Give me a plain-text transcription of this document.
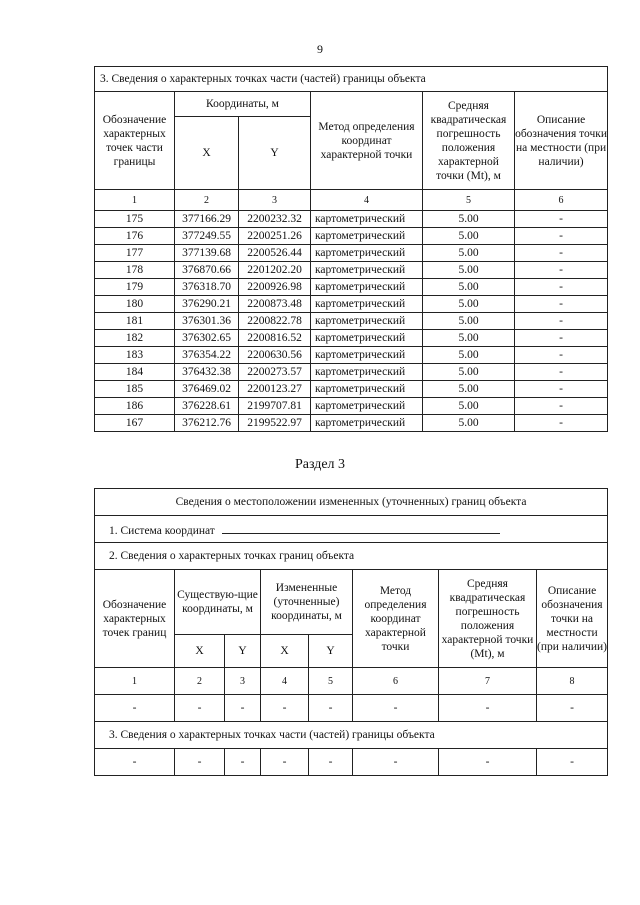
9
3. Сведения о характерных точках части (частей) границы объекта					
Обозначение характерных точек части границы	Координаты, м		Метод определения координат характерной точки	Средняя квадратическая погрешность положения характерной точки (Mt), м	Описание обозначения точки на местности (при наличии)
	X	Y			
1	2	3	4	5	6
175	377166.29	2200232.32	картометрический	5.00	-
176	377249.55	2200251.26	картометрический	5.00	-
177	377139.68	2200526.44	картометрический	5.00	-
178	376870.66	2201202.20	картометрический	5.00	-
179	376318.70	2200926.98	картометрический	5.00	-
180	376290.21	2200873.48	картометрический	5.00	-
181	376301.36	2200822.78	картометрический	5.00	-
182	376302.65	2200816.52	картометрический	5.00	-
183	376354.22	2200630.56	картометрический	5.00	-
184	376432.38	2200273.57	картометрический	5.00	-
185	376469.02	2200123.27	картометрический	5.00	-
186	376228.61	2199707.81	картометрический	5.00	-
167	376212.76	2199522.97	картометрический	5.00	-
Раздел 3
Сведения о местоположении измененных (уточненных) границ объекта							
1. Система координат							
2. Сведения о характерных точках границ объекта							
Обозначение характерных точек границ	Существую-щие координаты, м		Измененные (уточненные) координаты, м		Метод определения координат характерной точки	Средняя квадратическая погрешность положения характерной точки (Mt), м	Описание обозначения точки на местности (при наличии)
	X	Y	X	Y			
1	2	3	4	5	6	7	8
-	-	-	-	-	-	-	-
3. Сведения о характерных точках части (частей) границы объекта							
-	-	-	-	-	-	-	-
